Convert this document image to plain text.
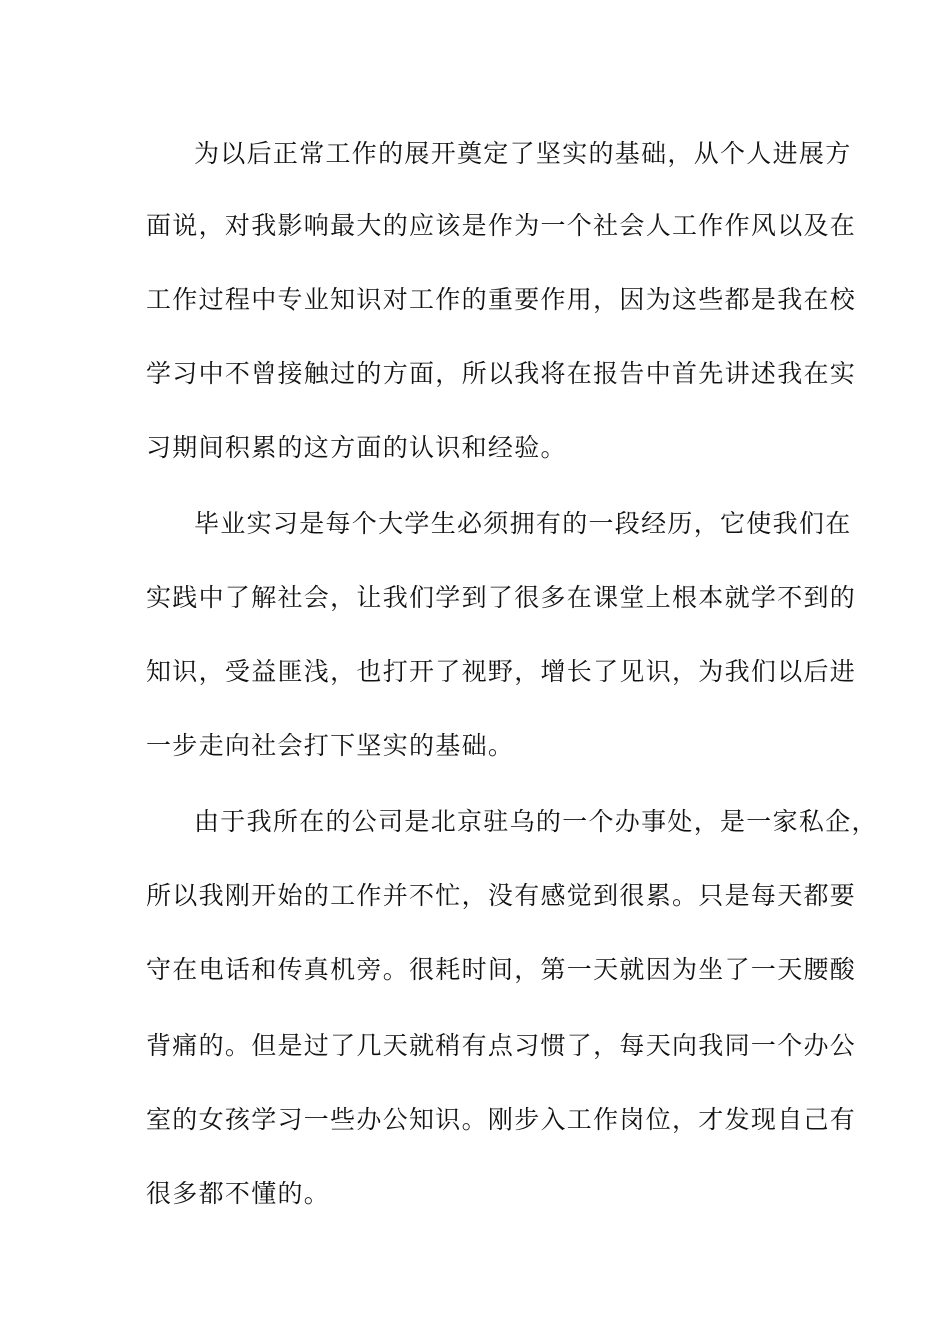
为以后正常工作的展开奠定了坚实的基础，从个人进展方
面说，对我影响最大的应该是作为一个社会人工作作风以及在
工作过程中专业知识对工作的重要作用，因为这些都是我在校
学习中不曾接触过的方面，所以我将在报告中首先讲述我在实
习期间积累的这方面的认识和经验。
毕业实习是每个大学生必须拥有的一段经历，它使我们在
实践中了解社会，让我们学到了很多在课堂上根本就学不到的
知识，受益匪浅，也打开了视野，增长了见识，为我们以后进
一步走向社会打下坚实的基础。
由于我所在的公司是北京驻乌的一个办事处，是一家私企，
所以我刚开始的工作并不忙，没有感觉到很累。只是每天都要
守在电话和传真机旁。很耗时间，第一天就因为坐了一天腰酸
背痛的。但是过了几天就稍有点习惯了，每天向我同一个办公
室的女孩学习一些办公知识。刚步入工作岗位，才发现自己有
很多都不懂的。
